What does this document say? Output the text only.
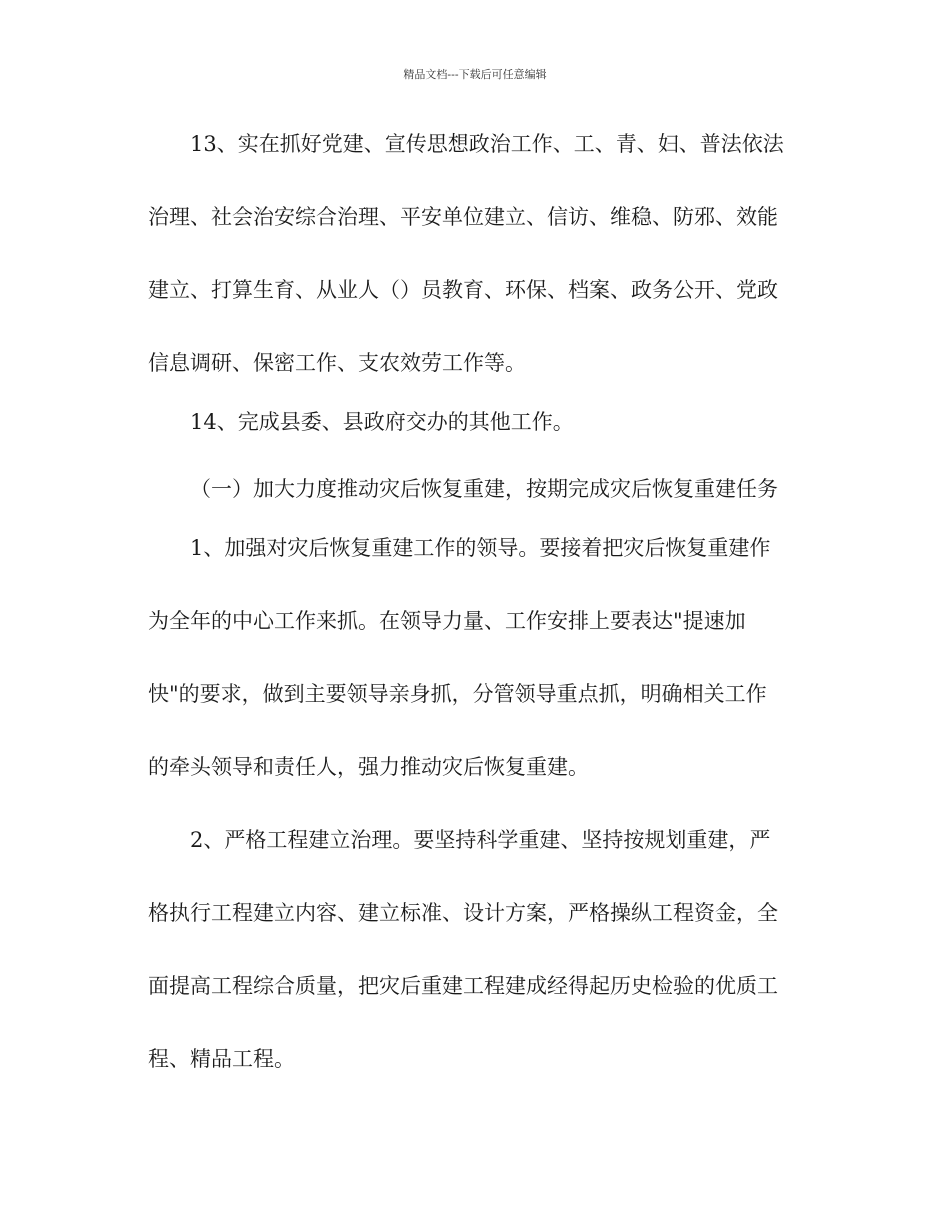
精品文档---下载后可任意编辑
13、实在抓好党建、宣传思想政治工作、工、青、妇、普法依法
治理、社会治安综合治理、平安单位建立、信访、维稳、防邪、效能
建立、打算生育、从业人（）员教育、环保、档案、政务公开、党政
信息调研、保密工作、支农效劳工作等。
14、完成县委、县政府交办的其他工作。
（一）加大力度推动灾后恢复重建，按期完成灾后恢复重建任务
1、加强对灾后恢复重建工作的领导。要接着把灾后恢复重建作
为全年的中心工作来抓。在领导力量、工作安排上要表达"提速加
快"的要求，做到主要领导亲身抓，分管领导重点抓，明确相关工作
的牵头领导和责任人，强力推动灾后恢复重建。
2、严格工程建立治理。要坚持科学重建、坚持按规划重建，严
格执行工程建立内容、建立标准、设计方案，严格操纵工程资金，全
面提高工程综合质量，把灾后重建工程建成经得起历史检验的优质工
程、精品工程。
